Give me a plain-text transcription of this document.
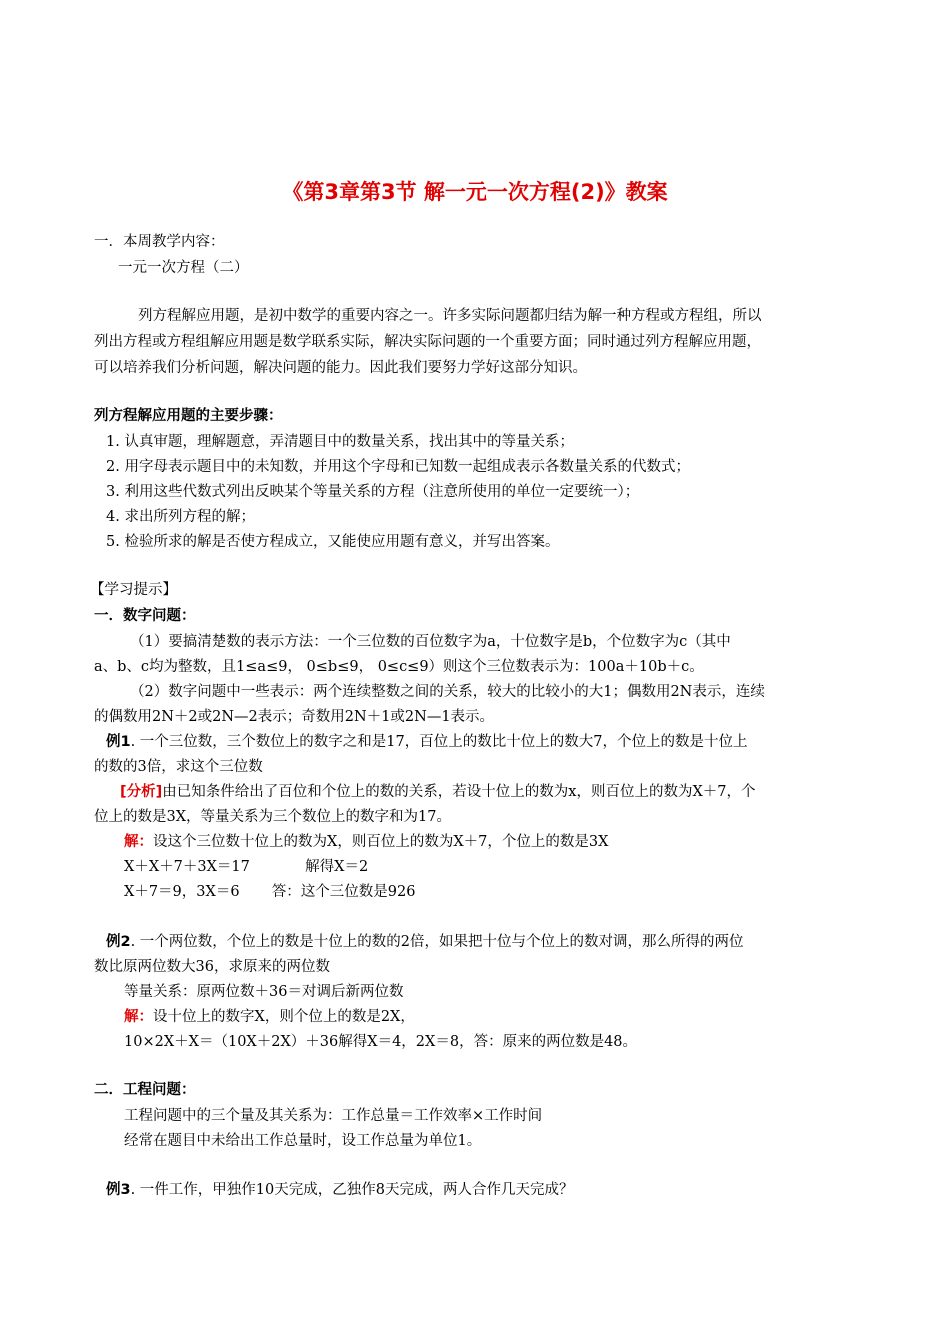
《第3章第3节 解一元一次方程(2)》教案
一．本周教学内容：
一元一次方程（二）
列方程解应用题，是初中数学的重要内容之一。许多实际问题都归结为解一种方程或方程组，所以
列出方程或方程组解应用题是数学联系实际，解决实际问题的一个重要方面；同时通过列方程解应用题，
可以培养我们分析问题，解决问题的能力。因此我们要努力学好这部分知识。
列方程解应用题的主要步骤：
1. 认真审题，理解题意，弄清题目中的数量关系，找出其中的等量关系；
2. 用字母表示题目中的未知数，并用这个字母和已知数一起组成表示各数量关系的代数式；
3. 利用这些代数式列出反映某个等量关系的方程（注意所使用的单位一定要统一）；
4. 求出所列方程的解；
5. 检验所求的解是否使方程成立，又能使应用题有意义，并写出答案。
【学习提示】
一．数字问题：
（1）要搞清楚数的表示方法：一个三位数的百位数字为a，十位数字是b，个位数字为c（其中
a、b、c均为整数，且1≤a≤9， 0≤b≤9， 0≤c≤9）则这个三位数表示为：100a＋10b＋c。
（2）数字问题中一些表示：两个连续整数之间的关系，较大的比较小的大1；偶数用2N表示，连续
的偶数用2N＋2或2N—2表示；奇数用2N＋1或2N—1表示。
例1. 一个三位数，三个数位上的数字之和是17，百位上的数比十位上的数大7，个位上的数是十位上
的数的3倍，求这个三位数
[分析]由已知条件给出了百位和个位上的数的关系，若设十位上的数为x，则百位上的数为X＋7，个
位上的数是3X，等量关系为三个数位上的数字和为17。
解：设这个三位数十位上的数为X，则百位上的数为X＋7，个位上的数是3X
X＋X＋7＋3X＝17            解得X＝2
X＋7＝9，3X＝6       答：这个三位数是926
例2. 一个两位数，个位上的数是十位上的数的2倍，如果把十位与个位上的数对调，那么所得的两位
数比原两位数大36，求原来的两位数
等量关系：原两位数＋36＝对调后新两位数
解：设十位上的数字X，则个位上的数是2X，
10×2X＋X＝（10X＋2X）＋36解得X＝4，2X＝8，答：原来的两位数是48。
二．工程问题：
工程问题中的三个量及其关系为：工作总量＝工作效率×工作时间
经常在题目中未给出工作总量时，设工作总量为单位1。
例3. 一件工作，甲独作10天完成，乙独作8天完成，两人合作几天完成？
